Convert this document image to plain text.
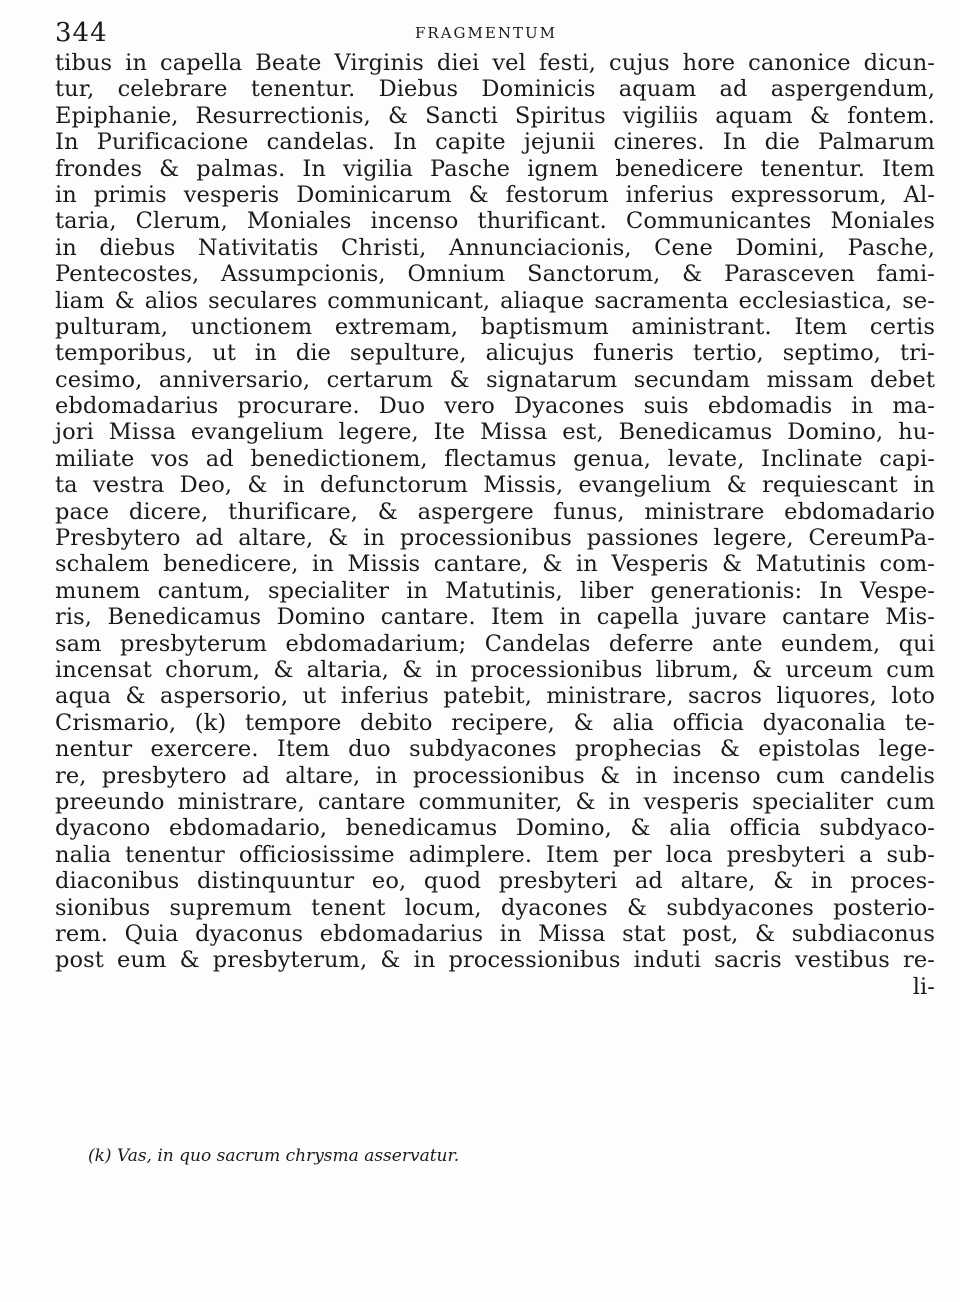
344	FRAGMENTUM
tibus in capella Beate Virginis diei vel festi, cujus hore canonice dicun-
tur, celebrare tenentur. Diebus Dominicis aquam ad aspergendum,
Epiphanie, Resurrectionis, & Sancti Spiritus vigiliis aquam & fontem.
In Purificacione candelas. In capite jejunii cineres. In die Palmarum
frondes & palmas. In vigilia Pasche ignem benedicere tenentur. Item
in primis vesperis Dominicarum & festorum inferius expressorum, Al-
taria, Clerum, Moniales incenso thurificant. Communicantes Moniales
in diebus Nativitatis Christi, Annunciacionis, Cene Domini, Pasche,
Pentecostes, Assumpcionis, Omnium Sanctorum, & Parasceven fami-
liam & alios seculares communicant, aliaque sacramenta ecclesiastica, se-
pulturam, unctionem extremam, baptismum aministrant. Item certis
temporibus, ut in die sepulture, alicujus funeris tertio, septimo, tri-
cesimo, anniversario, certarum & signatarum secundam missam debet
ebdomadarius procurare. Duo vero Dyacones suis ebdomadis in ma-
jori Missa evangelium legere, Ite Missa est, Benedicamus Domino, hu-
miliate vos ad benedictionem, flectamus genua, levate, Inclinate capi-
ta vestra Deo, & in defunctorum Missis, evangelium & requiescant in
pace dicere, thurificare, & aspergere funus, ministrare ebdomadario
Presbytero ad altare, & in processionibus passiones legere, CereumPa-
schalem benedicere, in Missis cantare, & in Vesperis & Matutinis com-
munem cantum, specialiter in Matutinis, liber generationis: In Vespe-
ris, Benedicamus Domino cantare. Item in capella juvare cantare Mis-
sam presbyterum ebdomadarium; Candelas deferre ante eundem, qui
incensat chorum, & altaria, & in processionibus librum, & urceum cum
aqua & aspersorio, ut inferius patebit, ministrare, sacros liquores, loto
Crismario, (k) tempore debito recipere, & alia officia dyaconalia te-
nentur exercere. Item duo subdyacones prophecias & epistolas lege-
re, presbytero ad altare, in processionibus & in incenso cum candelis
preeundo ministrare, cantare communiter, & in vesperis specialiter cum
dyacono ebdomadario, benedicamus Domino, & alia officia subdyaco-
nalia tenentur officiosissime adimplere. Item per loca presbyteri a sub-
diaconibus distinquuntur eo, quod presbyteri ad altare, & in proces-
sionibus supremum tenent locum, dyacones & subdyacones posterio-
rem. Quia dyaconus ebdomadarius in Missa stat post, & subdiaconus
post eum & presbyterum, & in processionibus induti sacris vestibus re-
li-
(k) Vas, in quo sacrum chrysma asservatur.
